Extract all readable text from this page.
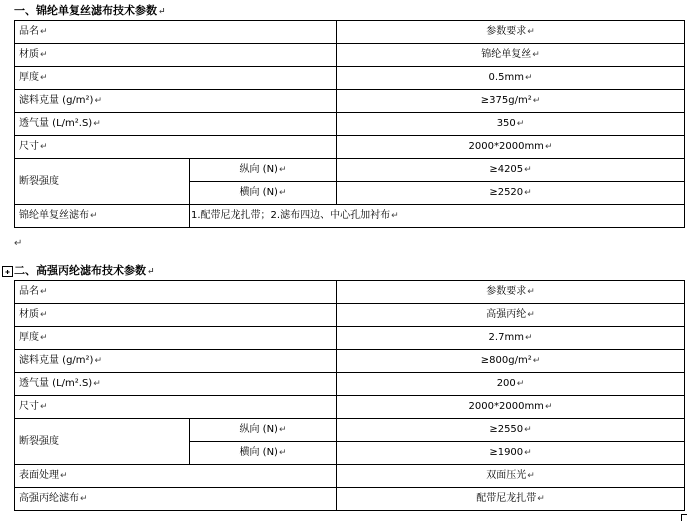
一、锦纶单复丝滤布技术参数↵
品名↵		参数要求↵
材质↵		锦纶单复丝↵
厚度↵		0.5mm↵
滤料克量 (g/m²)↵		≥375g/m²↵
透气量 (L/m².S)↵		350↵
尺寸↵		2000*2000mm↵
断裂强度	纵向 (N)↵	≥4205↵
	横向 (N)↵	≥2520↵
锦纶单复丝滤布↵	1.配带尼龙扎带；2.滤布四边、中心孔加衬布↵	
↵
✚ 二、高强丙纶滤布技术参数↵
品名↵		参数要求↵
材质↵		高强丙纶↵
厚度↵		2.7mm↵
滤料克量 (g/m²)↵		≥800g/m²↵
透气量 (L/m².S)↵		200↵
尺寸↵		2000*2000mm↵
断裂强度	纵向 (N)↵	≥2550↵
	横向 (N)↵	≥1900↵
表面处理↵		双面压光↵
高强丙纶滤布↵		配带尼龙扎带↵
